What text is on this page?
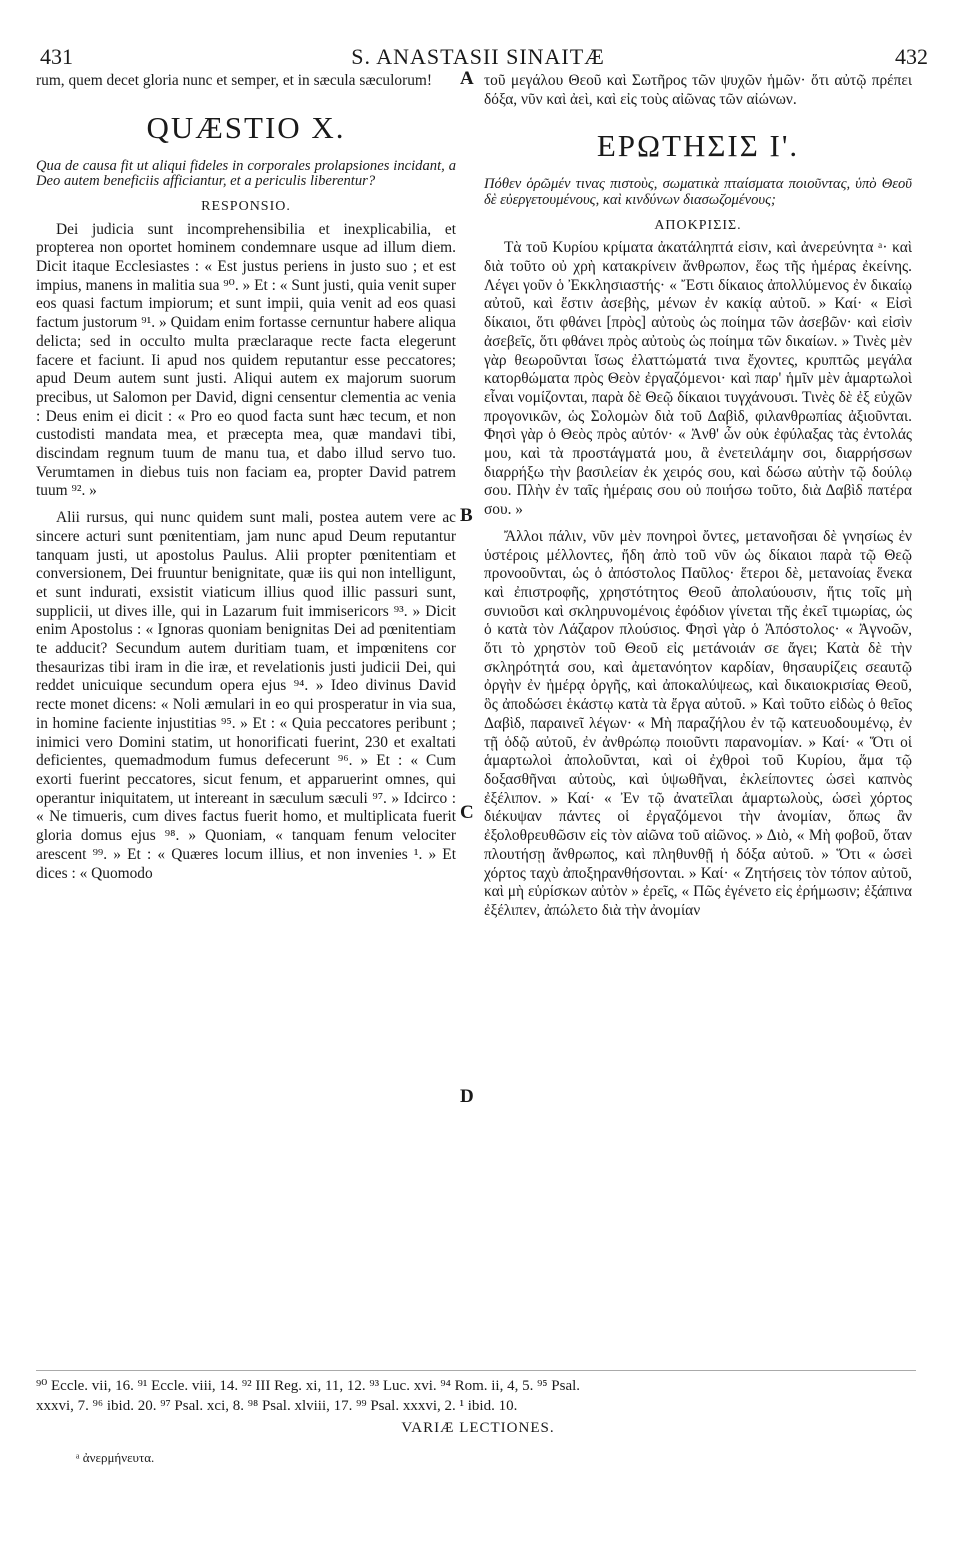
431	S. ANASTASII SINAITÆ	432

rum, quem decet gloria nunc et semper, et in sæcula sæculorum!

QUÆSTIO X.

Qua de causa fit ut aliqui fideles in corporales prolapsiones incidant, a Deo autem beneficiis afficiantur, et a periculis liberentur?

RESPONSIO.

Dei judicia sunt incomprehensibilia et inexplicabilia, et propterea non oportet hominem condemnare usque ad illum diem. Dicit itaque Ecclesiastes : « Est justus periens in justo suo ; et est impius, manens in malitia sua ⁹⁰. » Et : « Sunt justi, quia venit super eos quasi factum impiorum; et sunt impii, quia venit ad eos quasi factum justorum ⁹¹. » Quidam enim fortasse cernuntur habere aliqua delicta; sed in occulto multa præclaraque recte facta elegerunt facere et faciunt. Ii apud nos quidem reputantur esse peccatores; apud Deum autem sunt justi. Aliqui autem ex majorum suorum precibus, ut Salomon per David, digni censentur clementia ac venia : Deus enim ei dicit : « Pro eo quod facta sunt hæc tecum, et non custodisti mandata mea, et præcepta mea, quæ mandavi tibi, discindam regnum tuum de manu tua, et dabo illud servo tuo. Verumtamen in diebus tuis non faciam ea, propter David patrem tuum ⁹². »

Alii rursus, qui nunc quidem sunt mali, postea autem vere ac sincere acturi sunt pœnitentiam, jam nunc apud Deum reputantur tanquam justi, ut apostolus Paulus. Alii propter pœnitentiam et conversionem, Dei fruuntur benignitate, quæ iis qui non intelligunt, et sunt indurati, exsistit viaticum illius quod illic passuri sunt, supplicii, ut dives ille, qui in Lazarum fuit immisericors ⁹³. » Dicit enim Apostolus : « Ignoras quoniam benignitas Dei ad pœnitentiam te adducit? Secundum autem duritiam tuam, et impœnitens cor thesaurizas tibi iram in die iræ, et revelationis justi judicii Dei, qui reddet unicuique secundum opera ejus ⁹⁴. » Ideo divinus David recte monet dicens: « Noli æmulari in eo qui prosperatur in via sua, in homine faciente injustitias ⁹⁵. » Et : « Quia peccatores peribunt ; inimici vero Domini statim, ut honorificati fuerint, 230 et exaltati deficientes, quemadmodum fumus defecerunt ⁹⁶. » Et : « Cum exorti fuerint peccatores, sicut fenum, et apparuerint omnes, qui operantur iniquitatem, ut intereant in sæculum sæculi ⁹⁷. » Idcirco : « Ne timueris, cum dives factus fuerit homo, et multiplicata fuerit gloria domus ejus ⁹⁸. » Quoniam, « tanquam fenum velociter arescent ⁹⁹. » Et : « Quæres locum illius, et non invenies ¹. » Et dices : « Quomodo

τοῦ μεγάλου Θεοῦ καὶ Σωτῆρος τῶν ψυχῶν ἡμῶν· ὅτι αὐτῷ πρέπει δόξα, νῦν καὶ ἀεὶ, καὶ εἰς τοὺς αἰῶνας τῶν αἰώνων.

ΕΡΩΤΗΣΙΣ Ι'.

Πόθεν ὁρῶμέν τινας πιστοὺς, σωματικὰ πταίσματα ποιοῦντας, ὑπὸ Θεοῦ δὲ εὐεργετουμένους, καὶ κινδύνων διασωζομένους;

ΑΠΟΚΡΙΣΙΣ.

Τὰ τοῦ Κυρίου κρίματα ἀκατάληπτά εἰσιν, καὶ ἀνερεύνητα ᵃ· καὶ διὰ τοῦτο οὐ χρὴ κατακρίνειν ἄνθρωπον, ἕως τῆς ἡμέρας ἐκείνης. Λέγει γοῦν ὁ Ἐκκλησιαστής· « Ἔστι δίκαιος ἀπολλύμενος ἐν δικαίῳ αὐτοῦ, καὶ ἔστιν ἀσεβὴς, μένων ἐν κακίᾳ αὐτοῦ. » Καί· « Εἰσὶ δίκαιοι, ὅτι φθάνει [πρὸς] αὐτοὺς ὡς ποίημα τῶν ἀσεβῶν· καὶ εἰσὶν ἀσεβεῖς, ὅτι φθάνει πρὸς αὐτοὺς ὡς ποίημα τῶν δικαίων. » Τινὲς μὲν γὰρ θεωροῦνται ἴσως ἐλαττώματά τινα ἔχοντες, κρυπτῶς μεγάλα κατορθώματα πρὸς Θεὸν ἐργαζόμενοι· καὶ παρ' ἡμῖν μὲν ἁμαρτωλοὶ εἶναι νομίζονται, παρὰ δὲ Θεῷ δίκαιοι τυγχάνουσι. Τινὲς δὲ ἐξ εὐχῶν προγονικῶν, ὡς Σολομὼν διὰ τοῦ Δαβὶδ, φιλανθρωπίας ἀξιοῦνται. Φησὶ γὰρ ὁ Θεὸς πρὸς αὐτόν· « Ἀνθ' ὧν οὐκ ἐφύλαξας τὰς ἐντολάς μου, καὶ τὰ προστάγματά μου, ἃ ἐνετειλάμην σοι, διαρρήσσων διαρρήξω τὴν βασιλείαν ἐκ χειρός σου, καὶ δώσω αὐτὴν τῷ δούλῳ σου. Πλὴν ἐν ταῖς ἡμέραις σου οὐ ποιήσω τοῦτο, διὰ Δαβὶδ πατέρα σου. »

Ἄλλοι πάλιν, νῦν μὲν πονηροὶ ὄντες, μετανοῆσαι δὲ γνησίως ἐν ὑστέροις μέλλοντες, ἤδη ἀπὸ τοῦ νῦν ὡς δίκαιοι παρὰ τῷ Θεῷ προνοοῦνται, ὡς ὁ ἀπόστολος Παῦλος· ἕτεροι δὲ, μετανοίας ἕνεκα καὶ ἐπιστροφῆς, χρηστότητος Θεοῦ ἀπολαύουσιν, ἥτις τοῖς μὴ συνιοῦσι καὶ σκληρυνομένοις ἐφόδιον γίνεται τῆς ἐκεῖ τιμωρίας, ὡς ὁ κατὰ τὸν Λάζαρον πλούσιος. Φησὶ γὰρ ὁ Ἀπόστολος· « Ἀγνοῶν, ὅτι τὸ χρηστὸν τοῦ Θεοῦ εἰς μετάνοιάν σε ἄγει; Κατὰ δὲ τὴν σκληρότητά σου, καὶ ἀμετανόητον καρδίαν, θησαυρίζεις σεαυτῷ ὀργὴν ἐν ἡμέρᾳ ὀργῆς, καὶ ἀποκαλύψεως, καὶ δικαιοκρισίας Θεοῦ, ὃς ἀποδώσει ἑκάστῳ κατὰ τὰ ἔργα αὐτοῦ. » Καὶ τοῦτο εἰδὼς ὁ θεῖος Δαβὶδ, παραινεῖ λέγων· « Μὴ παραζήλου ἐν τῷ κατευοδουμένῳ, ἐν τῇ ὁδῷ αὐτοῦ, ἐν ἀνθρώπῳ ποιοῦντι παρανομίαν. » Καί· « Ὅτι οἱ ἁμαρτωλοὶ ἀπολοῦνται, καὶ οἱ ἐχθροὶ τοῦ Κυρίου, ἅμα τῷ δοξασθῆναι αὐτοὺς, καὶ ὑψωθῆναι, ἐκλείποντες ὡσεὶ καπνὸς ἐξέλιπον. » Καί· « Ἐν τῷ ἀνατεῖλαι ἁμαρτωλοὺς, ὡσεὶ χόρτος διέκυψαν πάντες οἱ ἐργαζόμενοι τὴν ἀνομίαν, ὅπως ἂν ἐξολοθρευθῶσιν εἰς τὸν αἰῶνα τοῦ αἰῶνος. » Διὸ, « Μὴ φοβοῦ, ὅταν πλουτήσῃ ἄνθρωπος, καὶ πληθυνθῇ ἡ δόξα αὐτοῦ. » Ὅτι « ὡσεὶ χόρτος ταχὺ ἀποξηρανθήσονται. » Καί· « Ζητήσεις τὸν τόπον αὐτοῦ, καὶ μὴ εὑρίσκων αὐτὸν » ἐρεῖς, « Πῶς ἐγένετο εἰς ἐρήμωσιν; ἐξάπινα ἐξέλιπεν, ἀπώλετο διὰ τὴν ἀνομίαν

A
B
C
D

⁹⁰ Eccle. vii, 16. ⁹¹ Eccle. viii, 14. ⁹² III Reg. xi, 11, 12. ⁹³ Luc. xvi. ⁹⁴ Rom. ii, 4, 5. ⁹⁵ Psal.

xxxvi, 7. ⁹⁶ ibid. 20. ⁹⁷ Psal. xci, 8. ⁹⁸ Psal. xlviii, 17. ⁹⁹ Psal. xxxvi, 2. ¹ ibid. 10.

VARIÆ LECTIONES.
ᵃ ἀνερμήνευτα.
